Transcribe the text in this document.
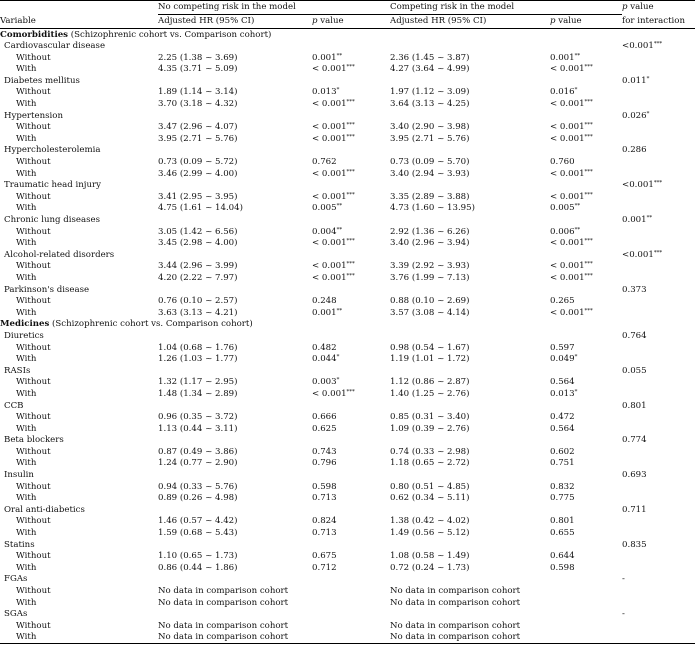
	No competing risk in the model		Competing risk in the model		p value
Variable	Adjusted HR (95% CI)	p value	Adjusted HR (95% CI)	p value	for interaction
Comorbidities (Schizophrenic cohort vs. Comparison cohort)					
Cardiovascular disease					<0.001***
Without	2.25 (1.38 ~ 3.69)	0.001**	2.36 (1.45 ~ 3.87)	0.001**	
With	4.35 (3.71 ~ 5.09)	< 0.001***	4.27 (3.64 ~ 4.99)	< 0.001***	
Diabetes mellitus					0.011*
Without	1.89 (1.14 ~ 3.14)	0.013*	1.97 (1.12 ~ 3.09)	0.016*	
With	3.70 (3.18 ~ 4.32)	< 0.001***	3.64 (3.13 ~ 4.25)	< 0.001***	
Hypertension					0.026*
Without	3.47 (2.96 ~ 4.07)	< 0.001***	3.40 (2.90 ~ 3.98)	< 0.001***	
With	3.95 (2.71 ~ 5.76)	< 0.001***	3.95 (2.71 ~ 5.76)	< 0.001***	
Hypercholesterolemia					0.286
Without	0.73 (0.09 ~ 5.72)	0.762	0.73 (0.09 ~ 5.70)	0.760	
With	3.46 (2.99 ~ 4.00)	< 0.001***	3.40 (2.94 ~ 3.93)	< 0.001***	
Traumatic head injury					<0.001***
Without	3.41 (2.95 ~ 3.95)	< 0.001***	3.35 (2.89 ~ 3.88)	< 0.001***	
With	4.75 (1.61 ~ 14.04)	0.005**	4.73 (1.60 ~ 13.95)	0.005**	
Chronic lung diseases					0.001**
Without	3.05 (1.42 ~ 6.56)	0.004**	2.92 (1.36 ~ 6.26)	0.006**	
With	3.45 (2.98 ~ 4.00)	< 0.001***	3.40 (2.96 ~ 3.94)	< 0.001***	
Alcohol-related disorders					<0.001***
Without	3.44 (2.96 ~ 3.99)	< 0.001***	3.39 (2.92 ~ 3.93)	< 0.001***	
With	4.20 (2.22 ~ 7.97)	< 0.001***	3.76 (1.99 ~ 7.13)	< 0.001***	
Parkinson's disease					0.373
Without	0.76 (0.10 ~ 2.57)	0.248	0.88 (0.10 ~ 2.69)	0.265	
With	3.63 (3.13 ~ 4.21)	0.001**	3.57 (3.08 ~ 4.14)	< 0.001***	
Medicines (Schizophrenic cohort vs. Comparison cohort)					
Diuretics					0.764
Without	1.04 (0.68 ~ 1.76)	0.482	0.98 (0.54 ~ 1.67)	0.597	
With	1.26 (1.03 ~ 1.77)	0.044*	1.19 (1.01 ~ 1.72)	0.049*	
RASIs					0.055
Without	1.32 (1.17 ~ 2.95)	0.003*	1.12 (0.86 ~ 2.87)	0.564	
With	1.48 (1.34 ~ 2.89)	< 0.001***	1.40 (1.25 ~ 2.76)	0.013*	
CCB					0.801
Without	0.96 (0.35 ~ 3.72)	0.666	0.85 (0.31 ~ 3.40)	0.472	
With	1.13 (0.44 ~ 3.11)	0.625	1.09 (0.39 ~ 2.76)	0.564	
Beta blockers					0.774
Without	0.87 (0.49 ~ 3.86)	0.743	0.74 (0.33 ~ 2.98)	0.602	
With	1.24 (0.77 ~ 2.90)	0.796	1.18 (0.65 ~ 2.72)	0.751	
Insulin					0.693
Without	0.94 (0.33 ~ 5.76)	0.598	0.80 (0.51 ~ 4.85)	0.832	
With	0.89 (0.26 ~ 4.98)	0.713	0.62 (0.34 ~ 5.11)	0.775	
Oral anti-diabetics					0.711
Without	1.46 (0.57 ~ 4.42)	0.824	1.38 (0.42 ~ 4.02)	0.801	
With	1.59 (0.68 ~ 5.43)	0.713	1.49 (0.56 ~ 5.12)	0.655	
Statins					0.835
Without	1.10 (0.65 ~ 1.73)	0.675	1.08 (0.58 ~ 1.49)	0.644	
With	0.86 (0.44 ~ 1.86)	0.712	0.72 (0.24 ~ 1.73)	0.598	
FGAs					-
Without	No data in comparison cohort		No data in comparison cohort		
With	No data in comparison cohort		No data in comparison cohort		
SGAs					-
Without	No data in comparison cohort		No data in comparison cohort		
With	No data in comparison cohort		No data in comparison cohort		
